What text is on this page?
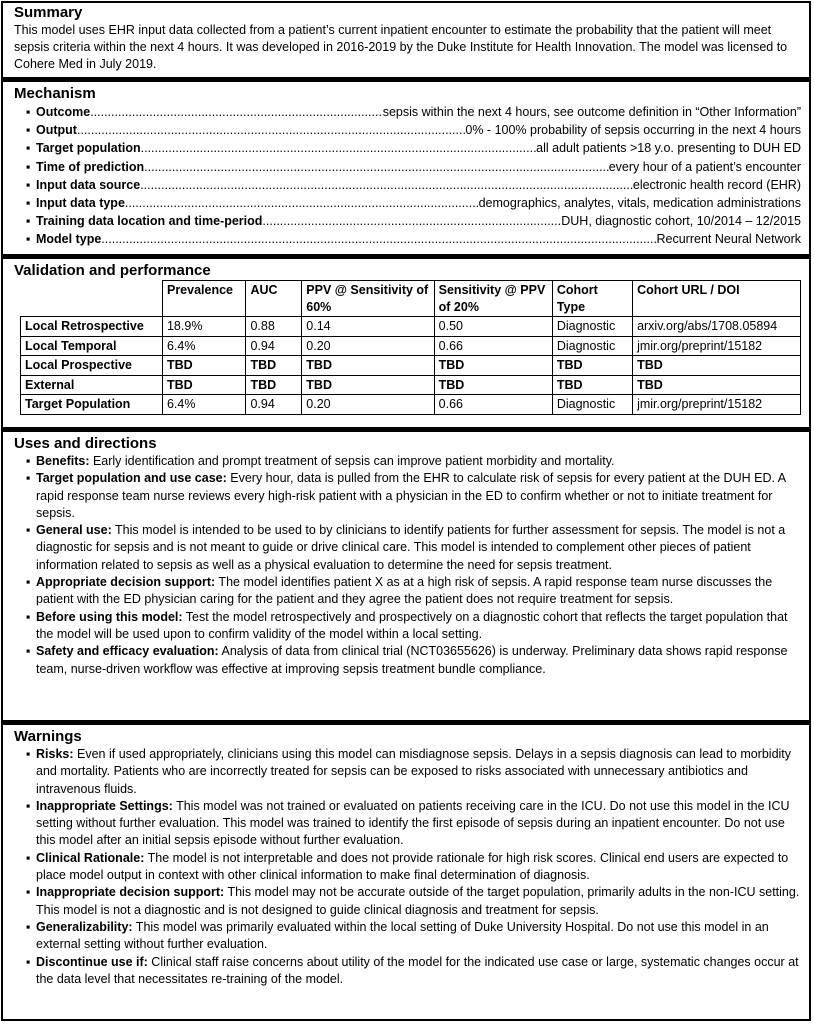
Summary
This model uses EHR input data collected from a patient’s current inpatient encounter to estimate the probability that the patient will meet sepsis criteria within the next 4 hours. It was developed in 2016-2019 by the Duke Institute for Health Innovation. The model was licensed to Cohere Med in July 2019.
Mechanism
▪ Outcome .....	sepsis within the next 4 hours, see outcome definition in “Other Information”
▪ Output .....	0% - 100% probability of sepsis occurring in the next 4 hours
▪ Target population .....	all adult patients >18 y.o. presenting to DUH ED
▪ Time of prediction .....	every hour of a patient’s encounter
▪ Input data source .....	electronic health record (EHR)
▪ Input data type .....	demographics, analytes, vitals, medication administrations
▪ Training data location and time-period .....	DUH, diagnostic cohort, 10/2014 – 12/2015
▪ Model type .....	Recurrent Neural Network
Validation and performance
	Prevalence	AUC	PPV @ Sensitivity of 60%	Sensitivity @ PPV of 20%	Cohort Type	Cohort URL / DOI
Local Retrospective	18.9%	0.88	0.14	0.50	Diagnostic	arxiv.org/abs/1708.05894
Local Temporal	6.4%	0.94	0.20	0.66	Diagnostic	jmir.org/preprint/15182
Local Prospective	TBD	TBD	TBD	TBD	TBD	TBD
External	TBD	TBD	TBD	TBD	TBD	TBD
Target Population	6.4%	0.94	0.20	0.66	Diagnostic	jmir.org/preprint/15182
Uses and directions
▪ Benefits: Early identification and prompt treatment of sepsis can improve patient morbidity and mortality.
▪ Target population and use case: Every hour, data is pulled from the EHR to calculate risk of sepsis for every patient at the DUH ED. A rapid response team nurse reviews every high-risk patient with a physician in the ED to confirm whether or not to initiate treatment for sepsis.
▪ General use: This model is intended to be used to by clinicians to identify patients for further assessment for sepsis. The model is not a diagnostic for sepsis and is not meant to guide or drive clinical care. This model is intended to complement other pieces of patient information related to sepsis as well as a physical evaluation to determine the need for sepsis treatment.
▪ Appropriate decision support: The model identifies patient X as at a high risk of sepsis. A rapid response team nurse discusses the patient with the ED physician caring for the patient and they agree the patient does not require treatment for sepsis.
▪ Before using this model: Test the model retrospectively and prospectively on a diagnostic cohort that reflects the target population that the model will be used upon to confirm validity of the model within a local setting.
▪ Safety and efficacy evaluation: Analysis of data from clinical trial (NCT03655626) is underway. Preliminary data shows rapid response team, nurse-driven workflow was effective at improving sepsis treatment bundle compliance.
Warnings
▪ Risks: Even if used appropriately, clinicians using this model can misdiagnose sepsis. Delays in a sepsis diagnosis can lead to morbidity and mortality. Patients who are incorrectly treated for sepsis can be exposed to risks associated with unnecessary antibiotics and intravenous fluids.
▪ Inappropriate Settings: This model was not trained or evaluated on patients receiving care in the ICU. Do not use this model in the ICU setting without further evaluation. This model was trained to identify the first episode of sepsis during an inpatient encounter. Do not use this model after an initial sepsis episode without further evaluation.
▪ Clinical Rationale: The model is not interpretable and does not provide rationale for high risk scores. Clinical end users are expected to place model output in context with other clinical information to make final determination of diagnosis.
▪ Inappropriate decision support: This model may not be accurate outside of the target population, primarily adults in the non-ICU setting. This model is not a diagnostic and is not designed to guide clinical diagnosis and treatment for sepsis.
▪ Generalizability: This model was primarily evaluated within the local setting of Duke University Hospital. Do not use this model in an external setting without further evaluation.
▪ Discontinue use if: Clinical staff raise concerns about utility of the model for the indicated use case or large, systematic changes occur at the data level that necessitates re-training of the model.
